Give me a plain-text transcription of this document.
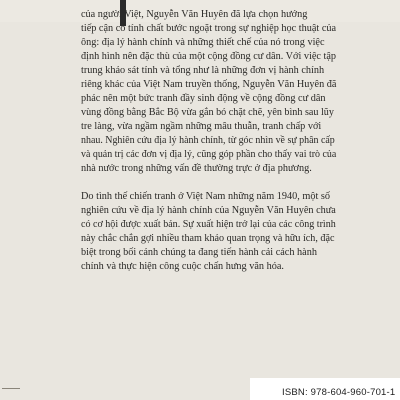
của người Việt, Nguyễn Văn Huyên đã lựa chọn hướng
tiếp cận có tính chất bước ngoặt trong sự nghiệp học thuật của
ông: địa lý hành chính và những thiết chế của nó trong việc
định hình nên đặc thù của một cộng đồng cư dân. Với việc tập
trung khảo sát tỉnh và tổng như là những đơn vị hành chính
riêng khác của Việt Nam truyền thống, Nguyễn Văn Huyên đã
phác nên một bức tranh đầy sinh động về cộng đồng cư dân
vùng đồng bằng Bắc Bộ vừa gắn bó chặt chẽ, yên bình sau lũy
tre làng, vừa ngầm ngầm những mâu thuẫn, tranh chấp với
nhau. Nghiên cứu địa lý hành chính, từ góc nhìn về sự phân cấp
và quản trị các đơn vị địa lý, cũng góp phần cho thấy vai trò của
nhà nước trong những vấn đề thường trực ở địa phương.
Do tình thế chiến tranh ở Việt Nam những năm 1940, một số
nghiên cứu về địa lý hành chính của Nguyễn Văn Huyên chưa
có cơ hội được xuất bản. Sự xuất hiện trở lại của các công trình
này chắc chắn gợi nhiều tham khảo quan trọng và hữu ích, đặc
biệt trong bối cảnh chúng ta đang tiến hành cải cách hành
chính và thực hiện công cuộc chấn hưng văn hóa.
ISBN: 978-604-960-701-1
